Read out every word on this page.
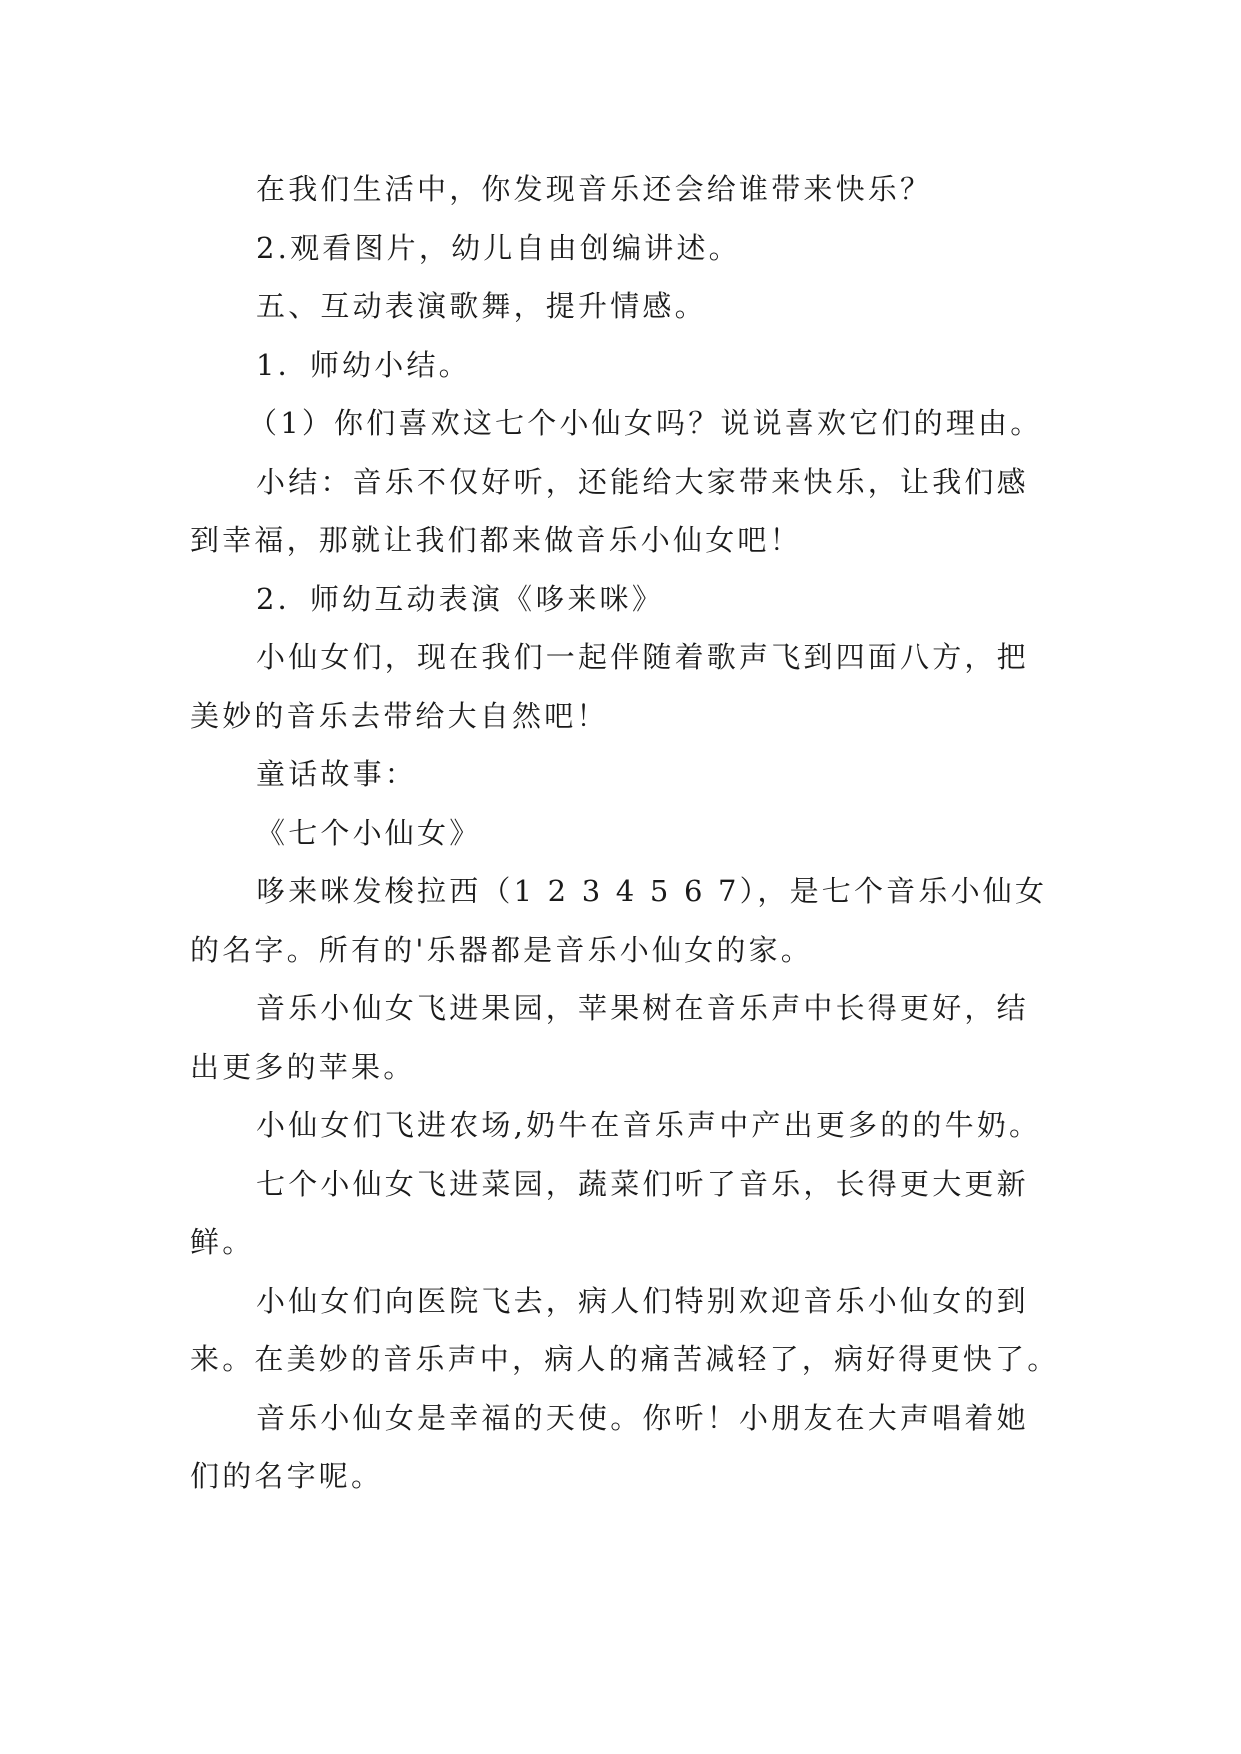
在我们生活中，你发现音乐还会给谁带来快乐？

2.观看图片，幼儿自由创编讲述。

五、互动表演歌舞，提升情感。

1．师幼小结。

（1）你们喜欢这七个小仙女吗？说说喜欢它们的理由。

小结：音乐不仅好听，还能给大家带来快乐，让我们感到幸福，那就让我们都来做音乐小仙女吧！

2．师幼互动表演《哆来咪》

小仙女们，现在我们一起伴随着歌声飞到四面八方，把美妙的音乐去带给大自然吧！

童话故事：

《七个小仙女》

哆来咪发梭拉西（1 2 3 4 5 6 7），是七个音乐小仙女的名字。所有的'乐器都是音乐小仙女的家。

音乐小仙女飞进果园，苹果树在音乐声中长得更好，结出更多的苹果。

小仙女们飞进农场,奶牛在音乐声中产出更多的的牛奶。

七个小仙女飞进菜园，蔬菜们听了音乐，长得更大更新鲜。

小仙女们向医院飞去，病人们特别欢迎音乐小仙女的到来。在美妙的音乐声中，病人的痛苦减轻了，病好得更快了。

音乐小仙女是幸福的天使。你听！小朋友在大声唱着她们的名字呢。
